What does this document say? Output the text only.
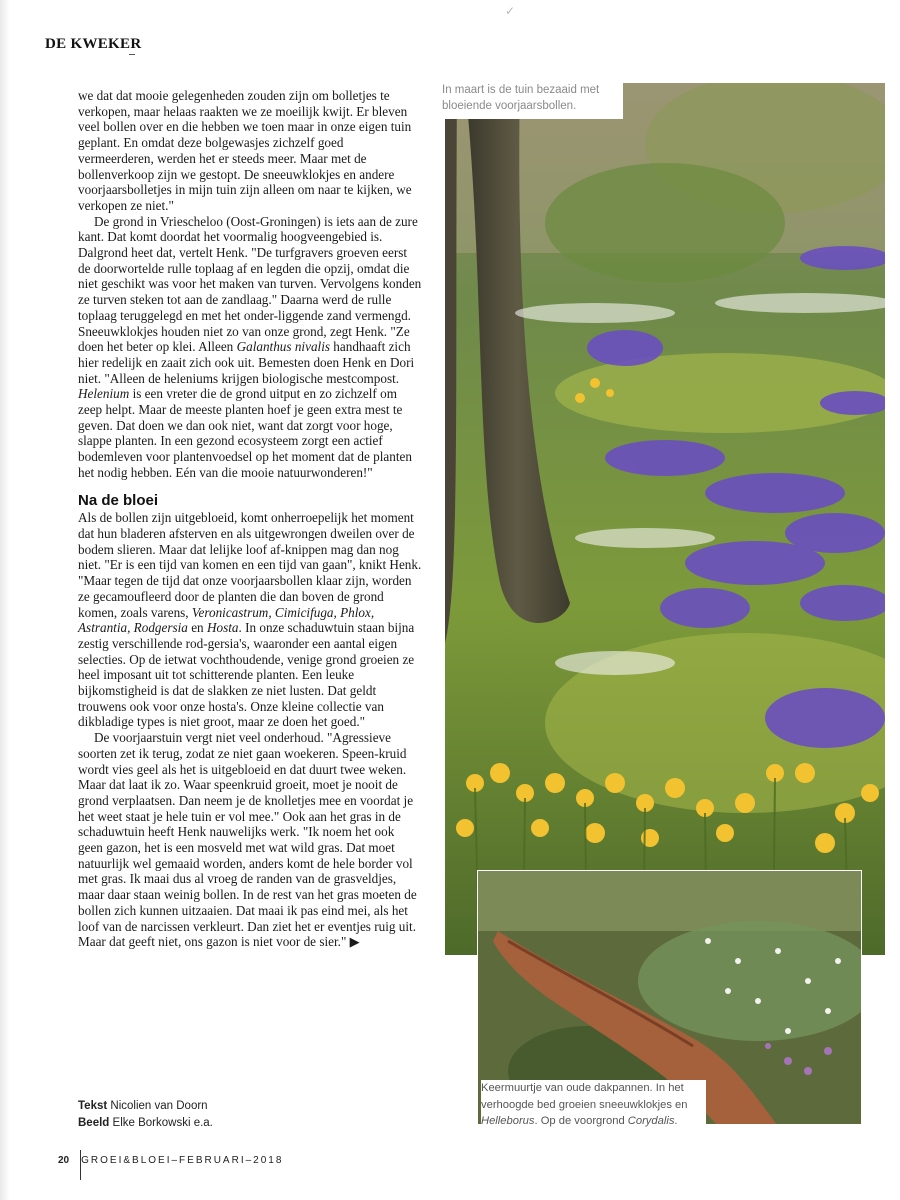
✓
DE KWEKER

we dat dat mooie gelegenheden zouden zijn om bolletjes te verkopen, maar helaas raakten we ze moeilijk kwijt. Er bleven veel bollen over en die hebben we toen maar in onze eigen tuin geplant. En omdat deze bolgewasjes zichzelf goed vermeerderen, werden het er steeds meer. Maar met de bollenverkoop zijn we gestopt. De sneeuwklokjes en andere voorjaarsbolletjes in mijn tuin zijn alleen om naar te kijken, we verkopen ze niet."

De grond in Vriescheloo (Oost-Groningen) is iets aan de zure kant. Dat komt doordat het voormalig hoogveengebied is. Dalgrond heet dat, vertelt Henk. "De turfgravers groeven eerst de doorwortelde rulle toplaag af en legden die opzij, omdat die niet geschikt was voor het maken van turven. Vervolgens konden ze turven steken tot aan de zandlaag." Daarna werd de rulle toplaag teruggelegd en met het onder-liggende zand vermengd. Sneeuwklokjes houden niet zo van onze grond, zegt Henk. "Ze doen het beter op klei. Alleen Galanthus nivalis handhaaft zich hier redelijk en zaait zich ook uit. Bemesten doen Henk en Dori niet. "Alleen de heleniums krijgen biologische mestcompost. Helenium is een vreter die de grond uitput en zo zichzelf om zeep helpt. Maar de meeste planten hoef je geen extra mest te geven. Dat doen we dan ook niet, want dat zorgt voor hoge, slappe planten. In een gezond ecosysteem zorgt een actief bodemleven voor plantenvoedsel op het moment dat de planten het nodig hebben. Eén van die mooie natuurwonderen!"

Na de bloei

Als de bollen zijn uitgebloeid, komt onherroepelijk het moment dat hun bladeren afsterven en als uitgewrongen dweilen over de bodem slieren. Maar dat lelijke loof af-knippen mag dan nog niet. "Er is een tijd van komen en een tijd van gaan", knikt Henk. "Maar tegen de tijd dat onze voorjaarsbollen klaar zijn, worden ze gecamoufleerd door de planten die dan boven de grond komen, zoals varens, Veronicastrum, Cimicifuga, Phlox, Astrantia, Rodgersia en Hosta. In onze schaduwtuin staan bijna zestig verschillende rod-gersia's, waaronder een aantal eigen selecties. Op de ietwat vochthoudende, venige grond groeien ze heel imposant uit tot schitterende planten. Een leuke bijkomstigheid is dat de slakken ze niet lusten. Dat geldt trouwens ook voor onze hosta's. Onze kleine collectie van dikbladige types is niet groot, maar ze doen het goed."

De voorjaarstuin vergt niet veel onderhoud. "Agressieve soorten zet ik terug, zodat ze niet gaan woekeren. Speen-kruid wordt vies geel als het is uitgebloeid en dat duurt twee weken. Maar dat laat ik zo. Waar speenkruid groeit, moet je nooit de grond verplaatsen. Dan neem je de knolletjes mee en voordat je het weet staat je hele tuin er vol mee." Ook aan het gras in de schaduwtuin heeft Henk nauwelijks werk. "Ik noem het ook geen gazon, het is een mosveld met wat wild gras. Dat moet natuurlijk wel gemaaid worden, anders komt de hele border vol met gras. Ik maai dus al vroeg de randen van de grasveldjes, maar daar staan weinig bollen. In de rest van het gras moeten de bollen zich kunnen uitzaaien. Dat maai ik pas eind mei, als het loof van de narcissen verkleurt. Dan ziet het er eventjes ruig uit. Maar dat geeft niet, ons gazon is niet voor de sier." ▶

Tekst Nicolien van Doorn
Beeld Elke Borkowski e.a.
20 GROEI&BLOEI–FEBRUARI–2018
In maart is de tuin bezaaid met bloeiende voorjaarsbollen.
Keermuurtje van oude dakpannen. In het verhoogde bed groeien sneeuwklokjes en Helleborus. Op de voorgrond Corydalis.
